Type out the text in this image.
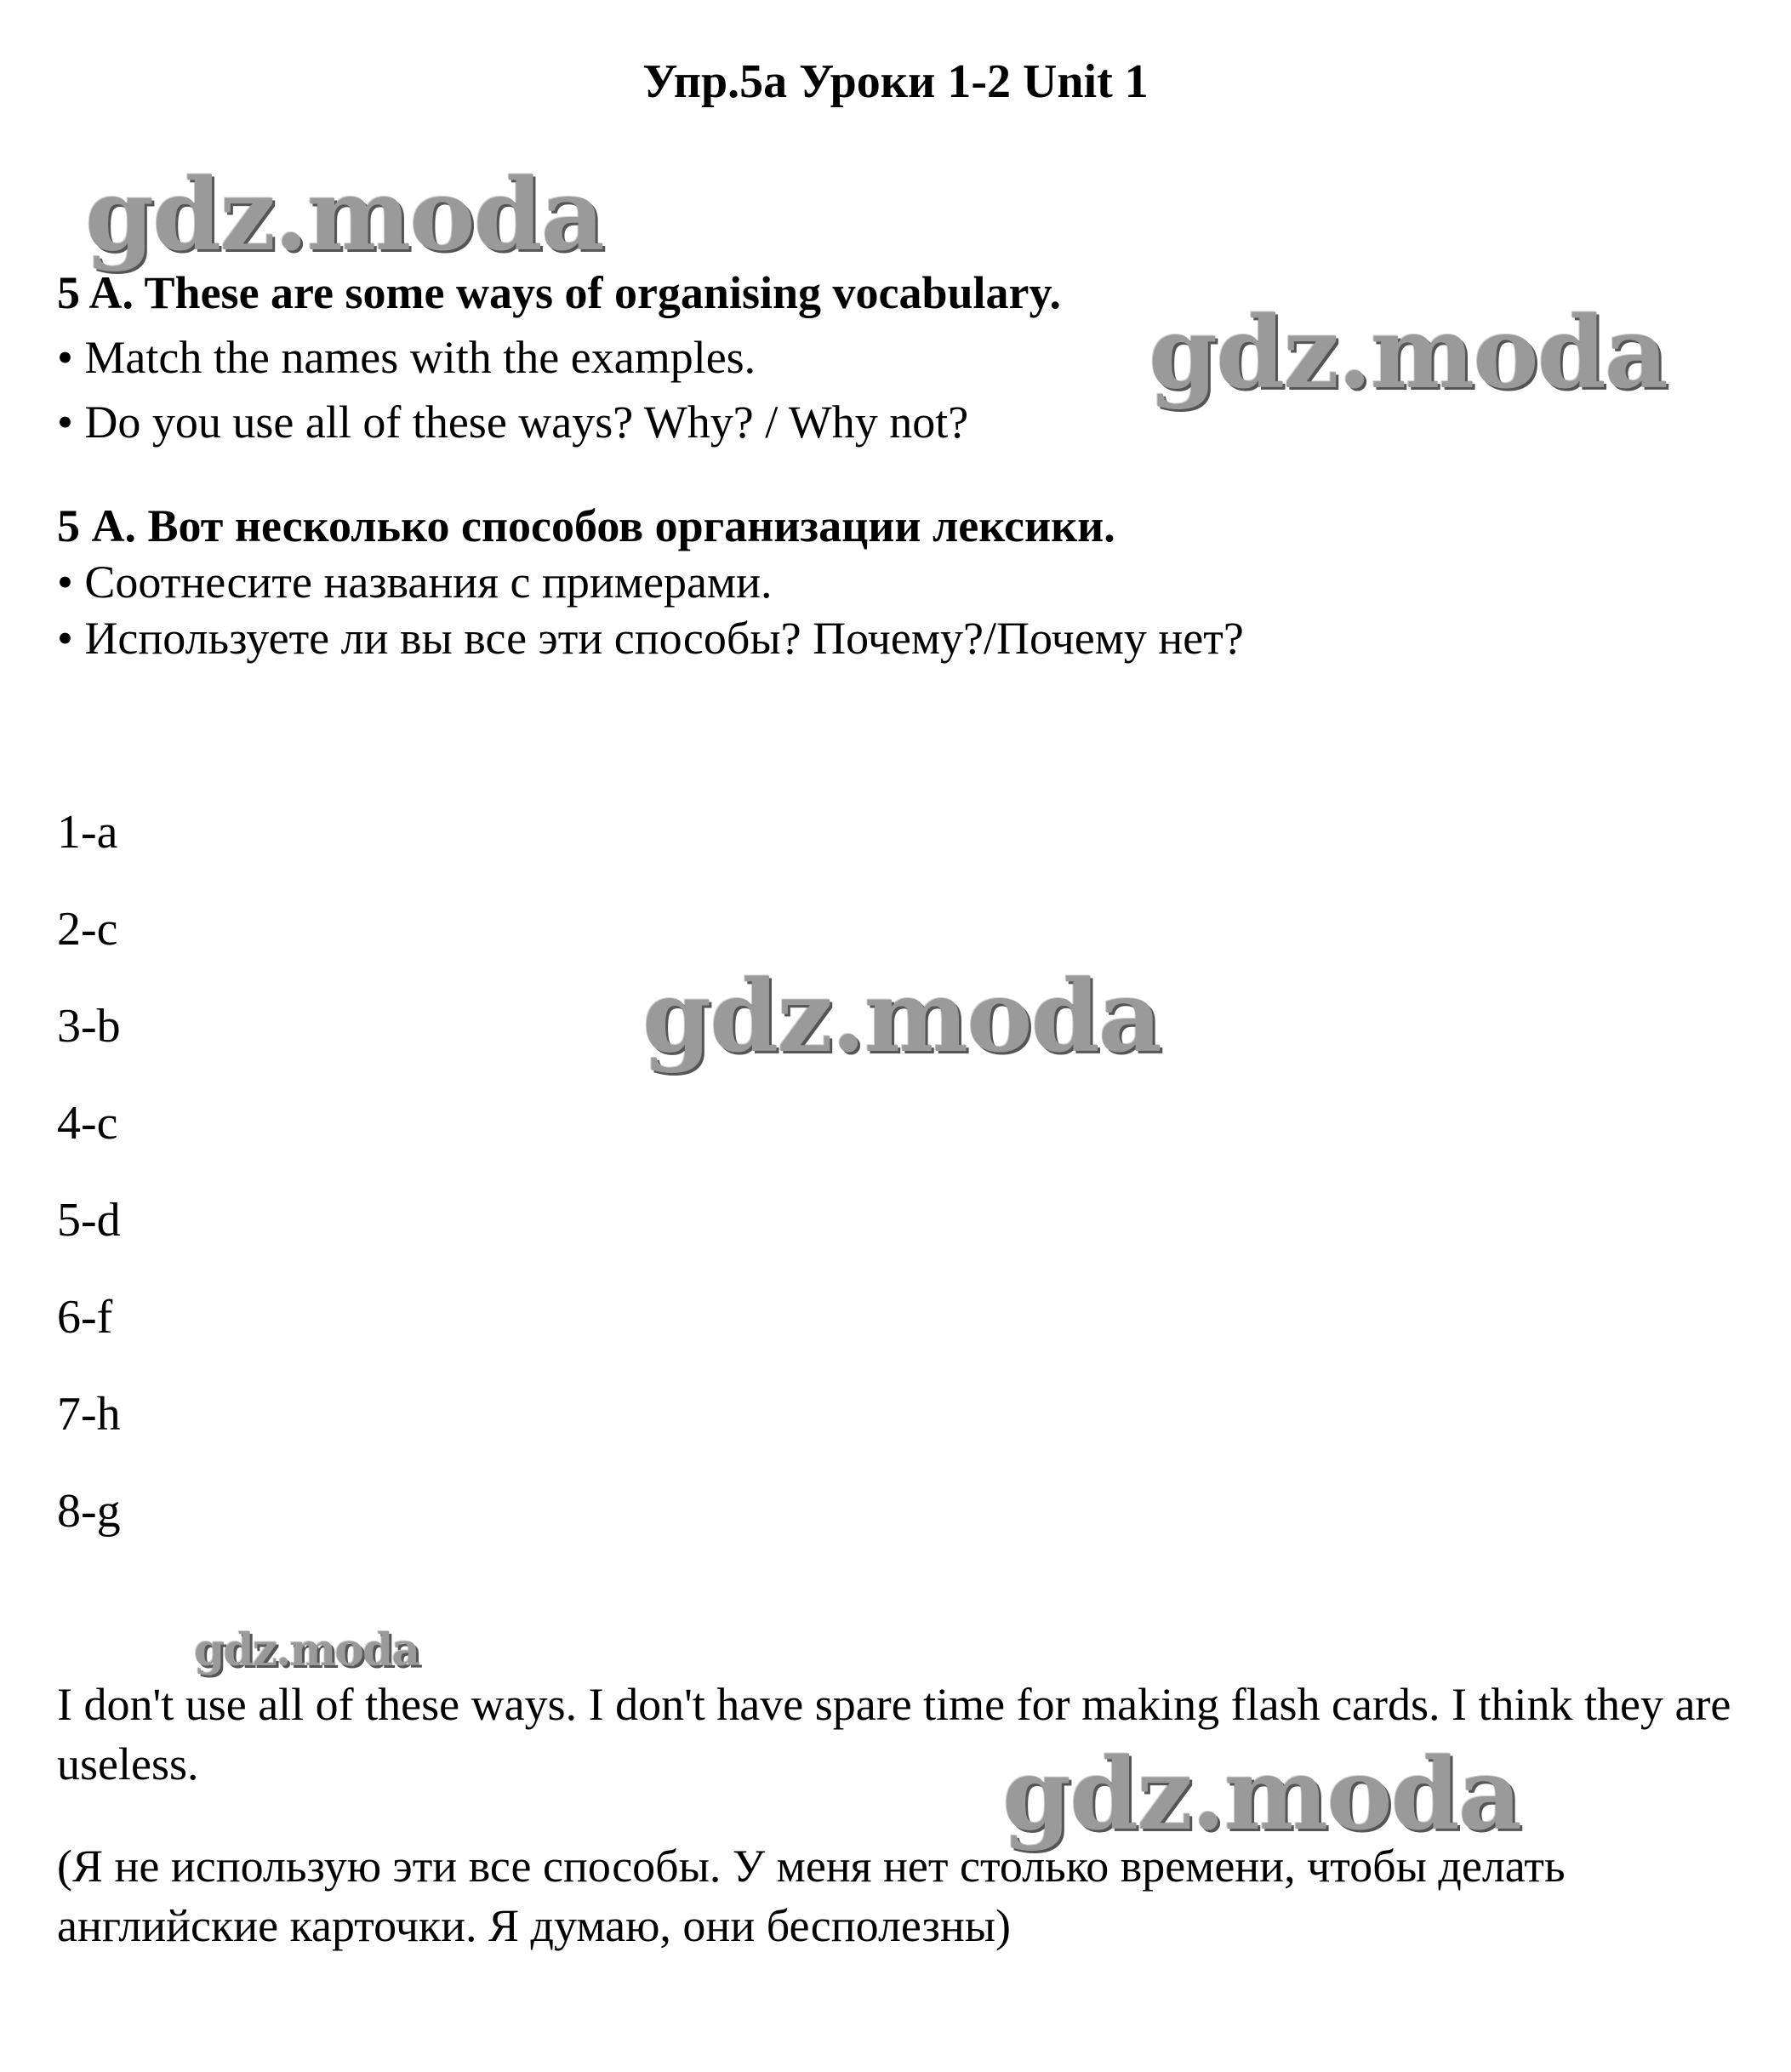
Упр.5а Уроки 1-2 Unit 1
gdz.moda
5 A. These are some ways of organising vocabulary.
• Match the names with the examples.	gdz.moda
• Do you use all of these ways? Why? / Why not?
5 А. Вот несколько способов организации лексики.
• Соотнесите названия с примерами.
• Используете ли вы все эти способы? Почему?/Почему нет?
1-a
2-c
3-b	gdz.moda
4-c
5-d
6-f
7-h
8-g
gdz.moda
I don't use all of these ways. I don't have spare time for making flash cards. I think they are useless.	gdz.moda
(Я не использую эти все способы. У меня нет столько времени, чтобы делать английские карточки. Я думаю, они бесполезны)
